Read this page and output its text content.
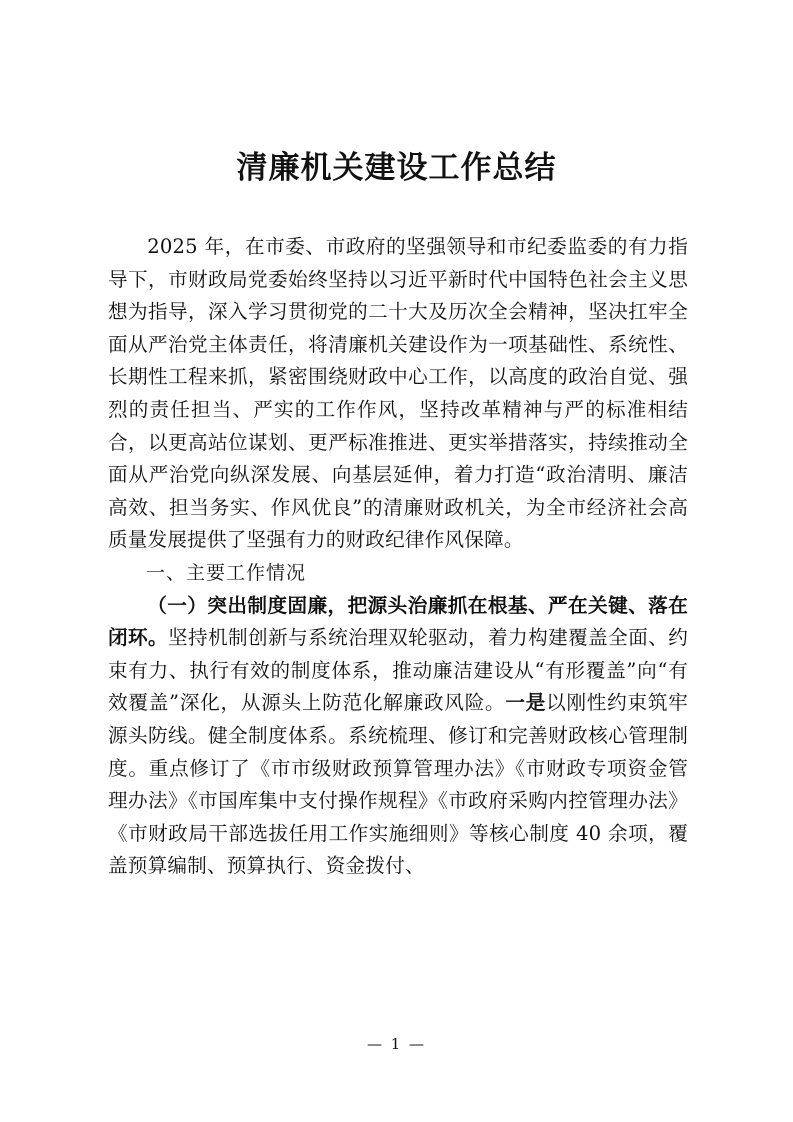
清廉机关建设工作总结

2025 年，在市委、市政府的坚强领导和市纪委监委的有力指导下，市财政局党委始终坚持以习近平新时代中国特色社会主义思想为指导，深入学习贯彻党的二十大及历次全会精神，坚决扛牢全面从严治党主体责任，将清廉机关建设作为一项基础性、系统性、长期性工程来抓，紧密围绕财政中心工作，以高度的政治自觉、强烈的责任担当、严实的工作作风，坚持改革精神与严的标准相结合，以更高站位谋划、更严标准推进、更实举措落实，持续推动全面从严治党向纵深发展、向基层延伸，着力打造“政治清明、廉洁高效、担当务实、作风优良”的清廉财政机关，为全市经济社会高质量发展提供了坚强有力的财政纪律作风保障。

一、主要工作情况

（一）突出制度固廉，把源头治廉抓在根基、严在关键、落在闭环。坚持机制创新与系统治理双轮驱动，着力构建覆盖全面、约束有力、执行有效的制度体系，推动廉洁建设从“有形覆盖”向“有效覆盖”深化，从源头上防范化解廉政风险。一是以刚性约束筑牢源头防线。健全制度体系。系统梳理、修订和完善财政核心管理制度。重点修订了《市市级财政预算管理办法》《市财政专项资金管理办法》《市国库集中支付操作规程》《市政府采购内控管理办法》《市财政局干部选拔任用工作实施细则》等核心制度 40 余项，覆盖预算编制、预算执行、资金拨付、

— 1 —
